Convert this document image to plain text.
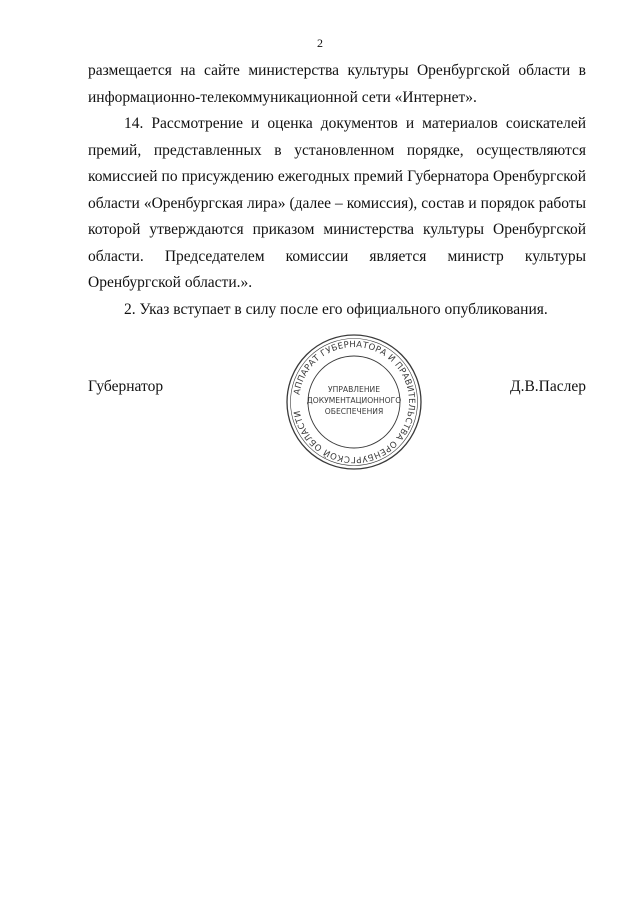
2

размещается на сайте министерства культуры Оренбургской области в информационно-телекоммуникационной сети «Интернет».

14. Рассмотрение и оценка документов и материалов соискателей премий, представленных в установленном порядке, осуществляются комиссией по присуждению ежегодных премий Губернатора Оренбургской области «Оренбургская лира» (далее – комиссия), состав и порядок работы которой утверждаются приказом министерства культуры Оренбургской области. Председателем комиссии является министр культуры Оренбургской области.».

2. Указ вступает в силу после его официального опубликования.

Губернатор	Д.В.Паслер
АППАРАТ ГУБЕРНАТОРА И ПРАВИТЕЛЬСТВА ОРЕНБУРГСКОЙ ОБЛАСТИ
УПРАВЛЕНИЕ
ДОКУМЕНТАЦИОННОГО
ОБЕСПЕЧЕНИЯ
